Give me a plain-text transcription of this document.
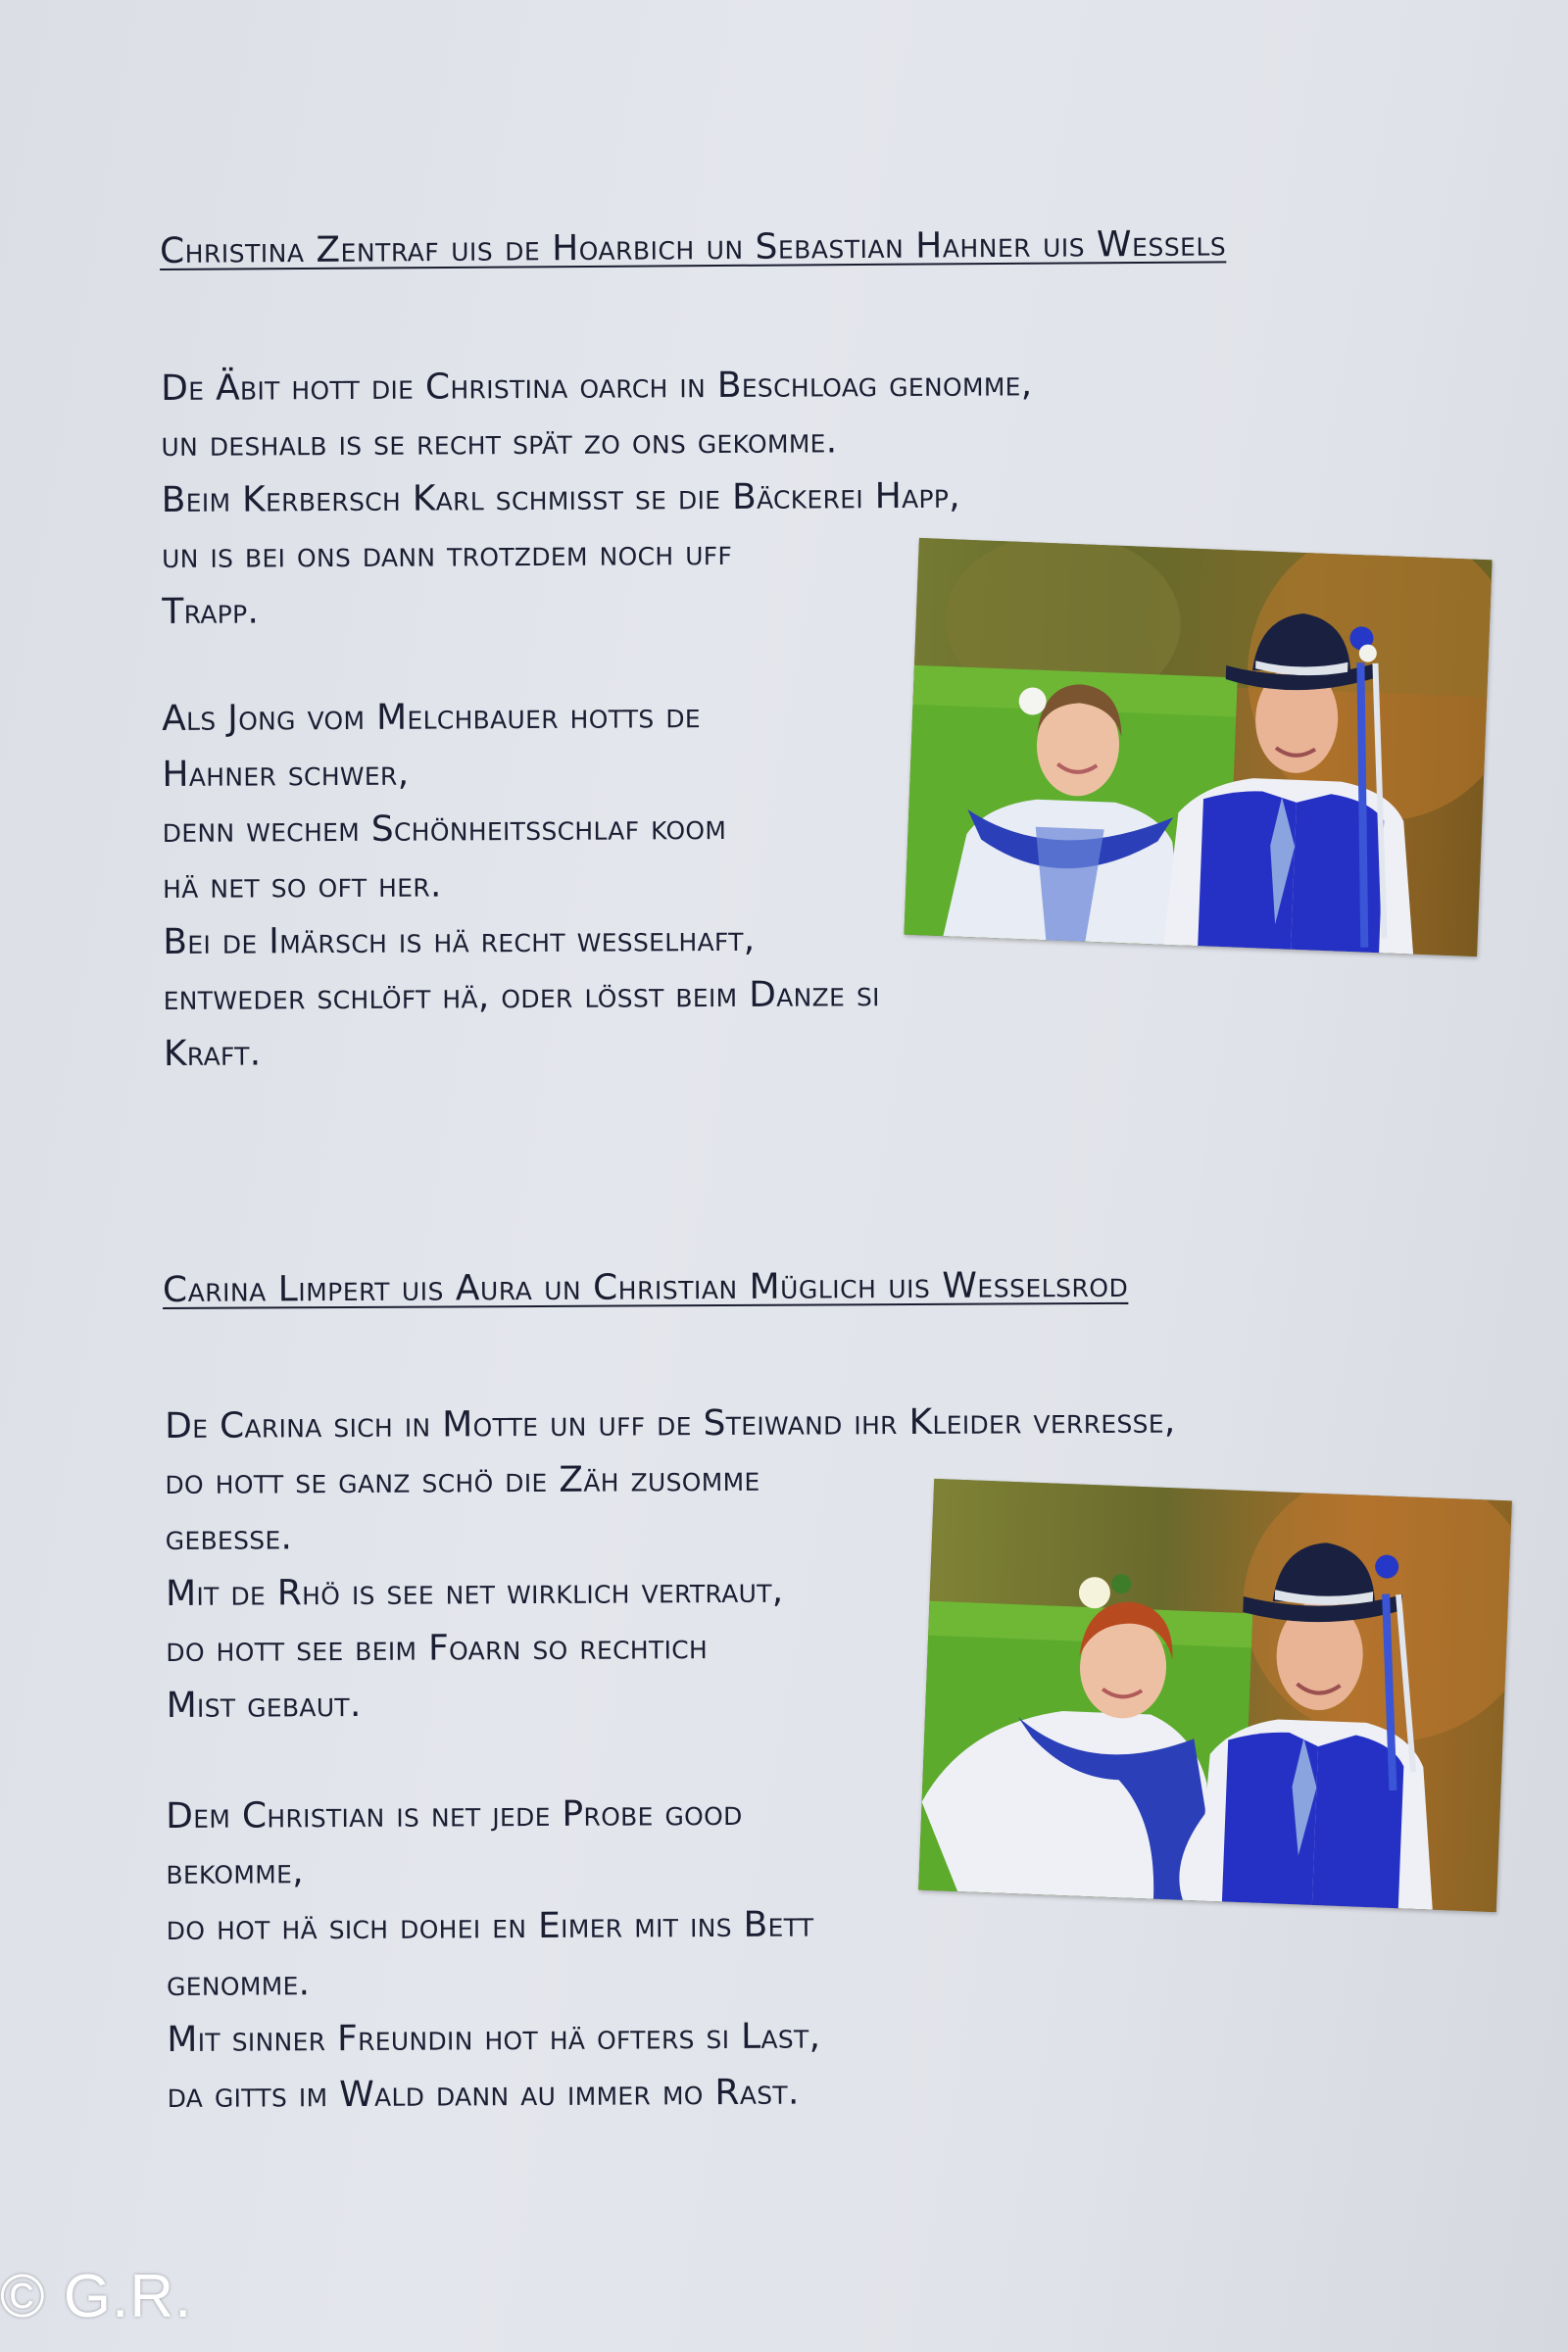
Christina Zentraf uis de Hoarbich un Sebastian Hahner uis Wessels

De Äbit hott die Christina oarch in Beschloag genomme,
un deshalb is se recht spät zo ons gekomme.
Beim Kerbersch Karl schmisst se die Bäckerei Happ,
un is bei ons dann trotzdem noch uff
Trapp.

Als Jong vom Melchbauer hotts de
Hahner schwer,
denn wechem Schönheitsschlaf koom
hä net so oft her.
Bei de Imärsch is hä recht wesselhaft,
entweder schlöft hä, oder lösst beim Danze si
Kraft.

Carina Limpert uis Aura un Christian Müglich uis Wesselsrod

De Carina sich in Motte un uff de Steiwand ihr Kleider verresse,
do hott se ganz schö die Zäh zusomme
gebesse.
Mit de Rhö is see net wirklich vertraut,
do hott see beim Foarn so rechtich
Mist gebaut.

Dem Christian is net jede Probe good
bekomme,
do hot hä sich dohei en Eimer mit ins Bett
genomme.
Mit sinner Freundin hot hä ofters si Last,
da gitts im Wald dann au immer mo Rast.

© G.R.
